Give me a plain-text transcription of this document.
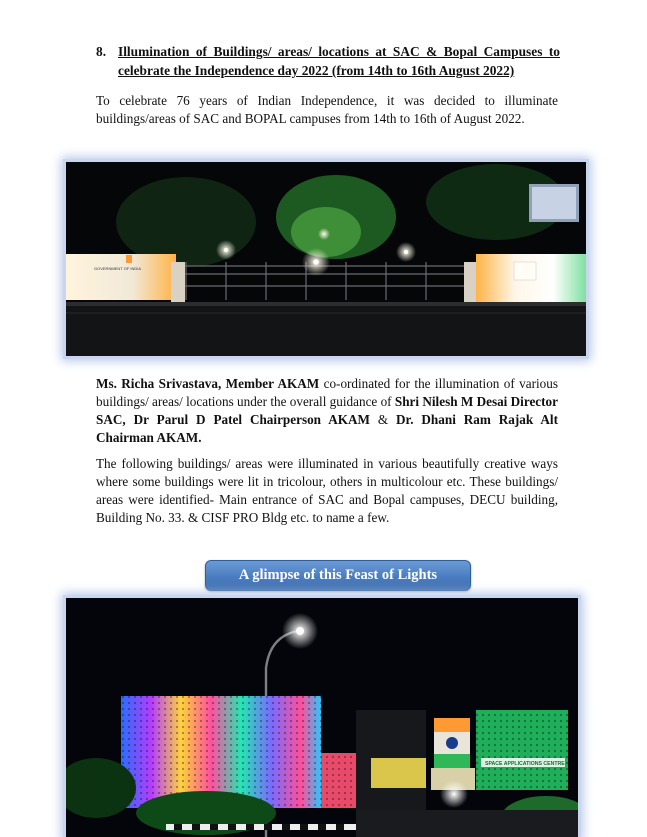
8. Illumination of Buildings/ areas/ locations at SAC & Bopal Campuses to celebrate the Independence day 2022 (from 14th to 16th August 2022)

To celebrate 76 years of Indian Independence, it was decided to illuminate buildings/areas of SAC and BOPAL campuses from 14th to 16th of August 2022.

GOVERNMENT OF INDIA

Ms. Richa Srivastava, Member AKAM co-ordinated for the illumination of various buildings/ areas/ locations under the overall guidance of Shri Nilesh M Desai Director SAC, Dr Parul D Patel Chairperson AKAM & Dr. Dhani Ram Rajak Alt Chairman AKAM.

The following buildings/ areas were illuminated in various beautifully creative ways where some buildings were lit in tricolour, others in multicolour etc. These buildings/ areas were identified- Main entrance of SAC and Bopal campuses, DECU building, Building No. 33. & CISF PRO Bldg etc. to name a few.

A glimpse of this Feast of Lights
SPACE APPLICATIONS CENTRE
